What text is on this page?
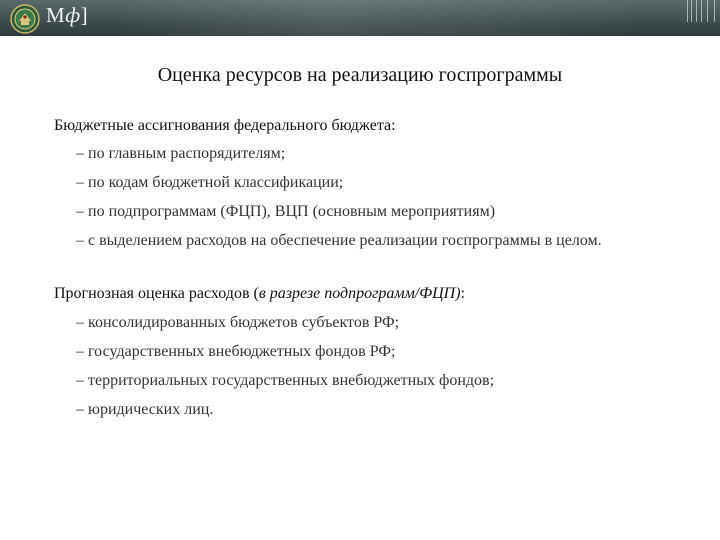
Мф]
Оценка ресурсов на реализацию госпрограммы
Бюджетные ассигнования федерального бюджета:
– по главным распорядителям;
– по кодам бюджетной классификации;
– по подпрограммам (ФЦП), ВЦП (основным мероприятиям)
– с выделением расходов на обеспечение реализации госпрограммы в целом.
Прогнозная оценка расходов (в разрезе подпрограмм/ФЦП):
– консолидированных бюджетов субъектов РФ;
– государственных внебюджетных фондов РФ;
– территориальных государственных внебюджетных фондов;
– юридических лиц.
